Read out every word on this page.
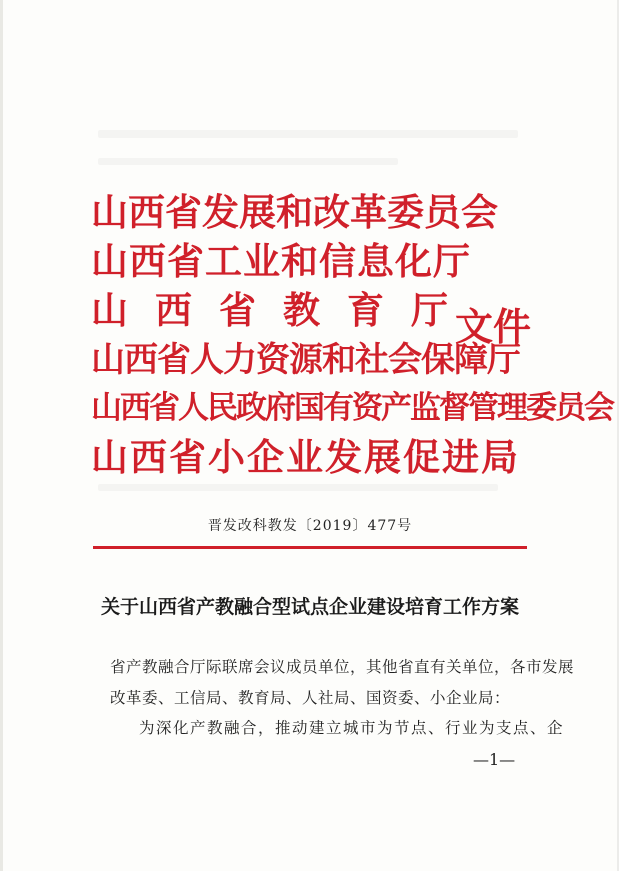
山西省发展和改革委员会
山西省工业和信息化厅
山西省教育厅
山西省人力资源和社会保障厅
山西省人民政府国有资产监督管理委员会
山西省小企业发展促进局
文件
晋发改科教发〔2019〕477号
关于山西省产教融合型试点企业建设培育工作方案
省产教融合厅际联席会议成员单位，其他省直有关单位，各市发展
改革委、工信局、教育局、人社局、国资委、小企业局：
为深化产教融合，推动建立城市为节点、行业为支点、企
—1—
